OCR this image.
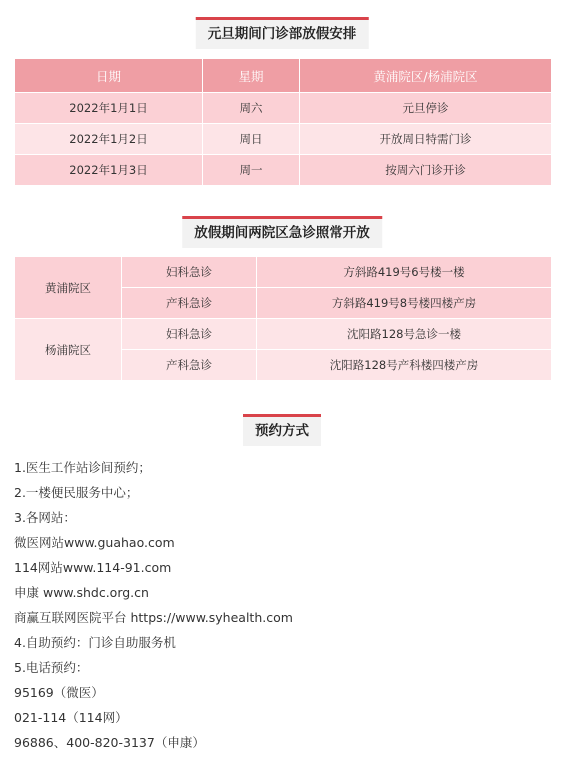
元旦期间门诊部放假安排
日期	星期	黄浦院区/杨浦院区
2022年1月1日	周六	元旦停诊
2022年1月2日	周日	开放周日特需门诊
2022年1月3日	周一	按周六门诊开诊
放假期间两院区急诊照常开放
黄浦院区	妇科急诊	方斜路419号6号楼一楼
	产科急诊	方斜路419号8号楼四楼产房
杨浦院区	妇科急诊	沈阳路128号急诊一楼
	产科急诊	沈阳路128号产科楼四楼产房
预约方式
1.医生工作站诊间预约；
2.一楼便民服务中心；
3.各网站：
微医网站www.guahao.com
114网站www.114-91.com
申康 www.shdc.org.cn
商赢互联网医院平台 https://www.syhealth.com
4.自助预约：门诊自助服务机
5.电话预约：
95169（微医）
021-114（114网）
96886、400-820-3137（申康）
